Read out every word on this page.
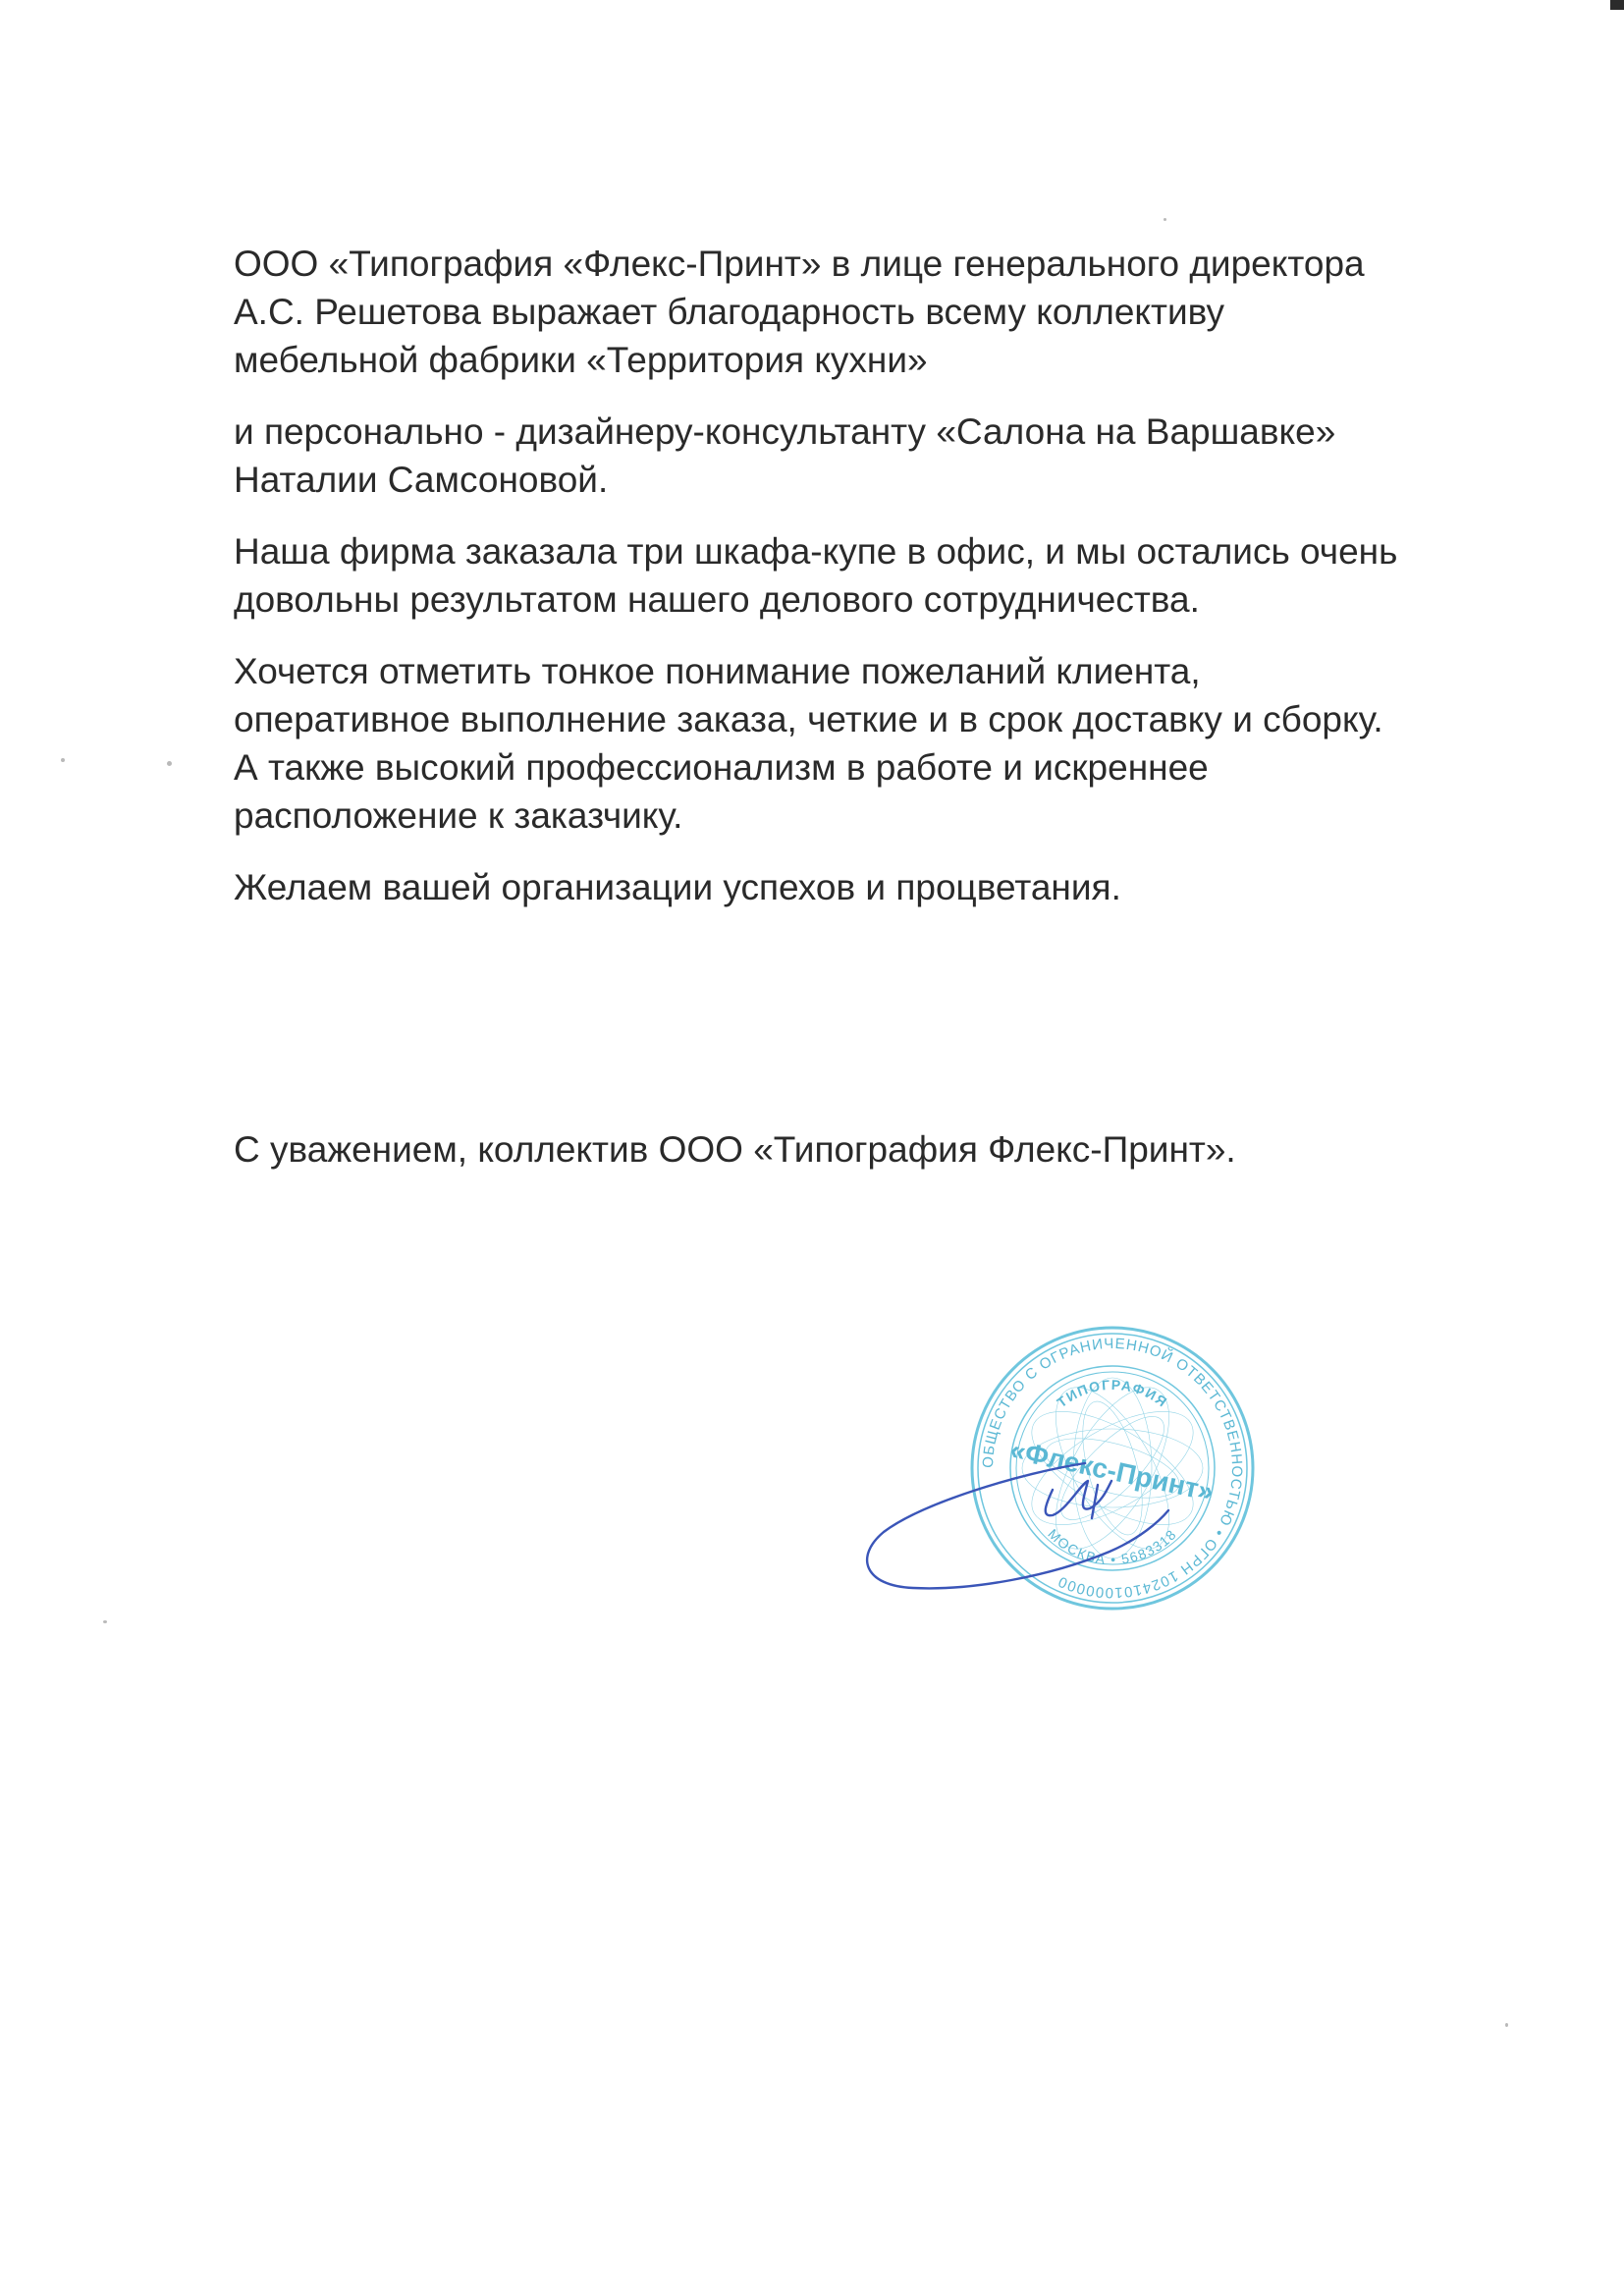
ООО «Типография «Флекс-Принт» в лице генерального директора
А.С. Решетова выражает благодарность всему коллективу
мебельной фабрики «Территория кухни»

и персонально - дизайнеру-консультанту «Салона на Варшавке»
Наталии Самсоновой.

Наша фирма заказала три шкафа-купе в офис, и мы остались очень
довольны результатом нашего делового сотрудничества.

Хочется отметить тонкое понимание пожеланий клиента,
оперативное выполнение заказа, четкие и в срок доставку и сборку.
А также высокий профессионализм в работе и искреннее
расположение к заказчику.

Желаем вашей организации успехов и процветания.

С уважением, коллектив ООО «Типография Флекс-Принт».

ОБЩЕСТВО С ОГРАНИЧЕННОЙ ОТВЕТСТВЕННОСТЬЮ • ОГРН 1024101000000
ТИПОГРАФИЯ
«Флекс-Принт»
МОСКВА • 5683318
